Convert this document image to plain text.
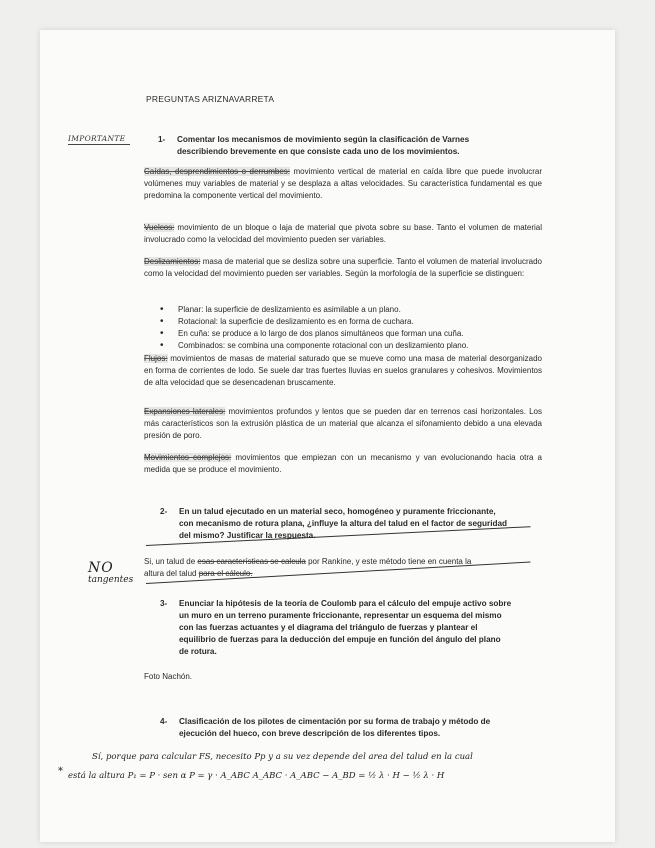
PREGUNTAS ARIZNAVARRETA
IMPORTANTE	1-	Comentar los mecanismos de movimiento según la clasificación de Varnes
describiendo brevemente en que consiste cada uno de los movimientos.
Caídas, desprendimientos o derrumbes: movimiento vertical de material en caída libre que puede involucrar volúmenes muy variables de material y se desplaza a altas velocidades. Su característica fundamental es que predomina la componente vertical del movimiento.
Vuelcos: movimiento de un bloque o laja de material que pivota sobre su base. Tanto el volumen de material involucrado como la velocidad del movimiento pueden ser variables.
Deslizamientos: masa de material que se desliza sobre una superficie. Tanto el volumen de material involucrado como la velocidad del movimiento pueden ser variables. Según la morfología de la superficie se distinguen:
• Planar: la superficie de deslizamiento es asimilable a un plano.
• Rotacional: la superficie de deslizamiento es en forma de cuchara.
• En cuña: se produce a lo largo de dos planos simultáneos que forman una cuña.
• Combinados: se combina una componente rotacional con un deslizamiento plano.
Flujos: movimientos de masas de material saturado que se mueve como una masa de material desorganizado en forma de corrientes de lodo. Se suele dar tras fuertes lluvias en suelos granulares y cohesivos. Movimientos de alta velocidad que se desencadenan bruscamente.
Expansiones laterales: movimientos profundos y lentos que se pueden dar en terrenos casi horizontales. Los más característicos son la extrusión plástica de un material que alcanza el sifonamiento debido a una elevada presión de poro.
Movimientos complejos: movimientos que empiezan con un mecanismo y van evolucionando hacia otra a medida que se produce el movimiento.
2-	En un talud ejecutado en un material seco, homogéneo y puramente friccionante,
con mecanismo de rotura plana, ¿influye la altura del talud en el factor de seguridad
del mismo? Justificar la respuesta.
Si, un talud de esas características se calcula por Rankine, y este método tiene en cuenta la
altura del talud para el cálculo.
NO
tangentes
3-	Enunciar la hipótesis de la teoría de Coulomb para el cálculo del empuje activo sobre
un muro en un terreno puramente friccionante, representar un esquema del mismo
con las fuerzas actuantes y el diagrama del triángulo de fuerzas y plantear el
equilibrio de fuerzas para la deducción del empuje en función del ángulo del plano
de rotura.
Foto Nachón.
4-	Clasificación de los pilotes de cimentación por su forma de trabajo y método de
ejecución del hueco, con breve descripción de los diferentes tipos.
Sí, porque para calcular FS, necesito Pp y a su vez depende del area del talud en la cual
* está la altura P₁ = P · sen α P = γ · A_ABC A_ABC · A_ABC − A_BD = ½ λ · H − ½ λ · H
